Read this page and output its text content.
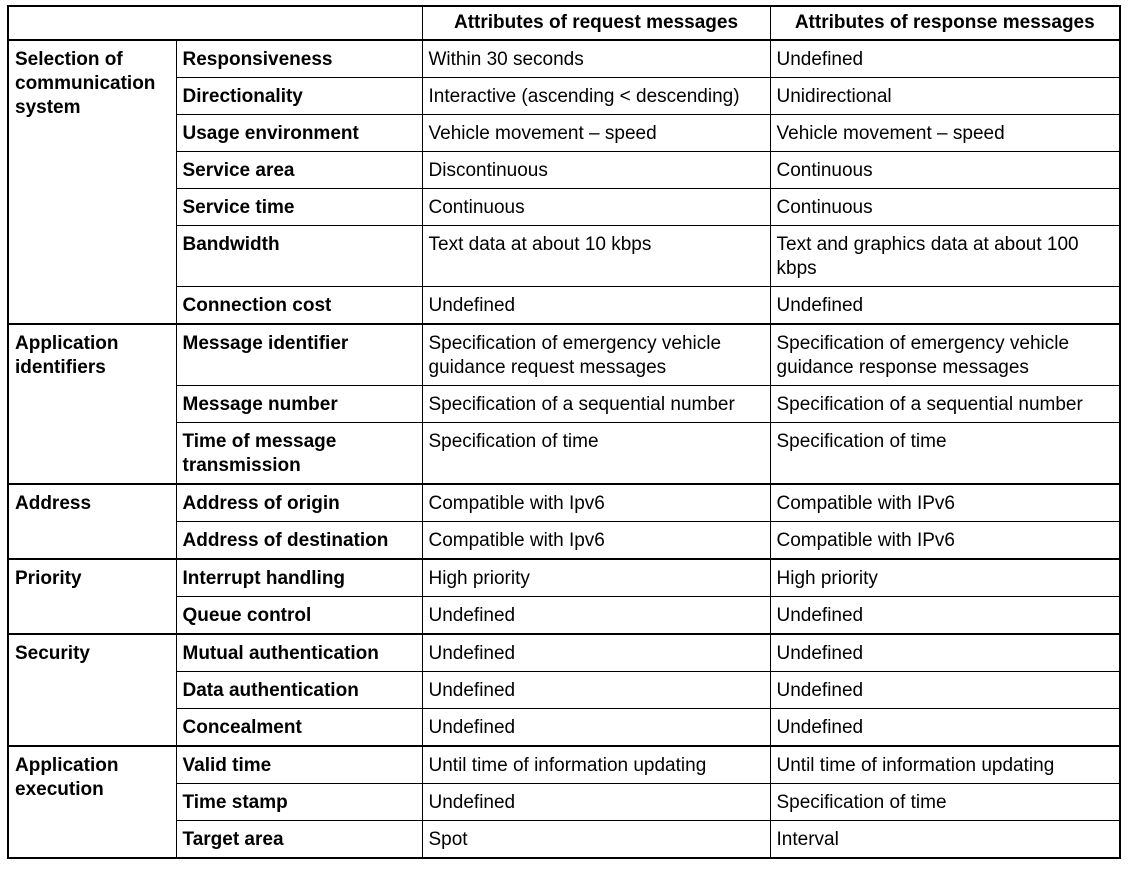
		Attributes of request messages	Attributes of response messages
Selection of communication system	Responsiveness	Within 30 seconds	Undefined
	Directionality	Interactive (ascending < descending)	Unidirectional
	Usage environment	Vehicle movement – speed	Vehicle movement – speed
	Service area	Discontinuous	Continuous
	Service time	Continuous	Continuous
	Bandwidth	Text data at about 10 kbps	Text and graphics data at about 100 kbps
	Connection cost	Undefined	Undefined
Application identifiers	Message identifier	Specification of emergency vehicle guidance request messages	Specification of emergency vehicle guidance response messages
	Message number	Specification of a sequential number	Specification of a sequential number
	Time of message transmission	Specification of time	Specification of time
Address	Address of origin	Compatible with Ipv6	Compatible with IPv6
	Address of destination	Compatible with Ipv6	Compatible with IPv6
Priority	Interrupt handling	High priority	High priority
	Queue control	Undefined	Undefined
Security	Mutual authentication	Undefined	Undefined
	Data authentication	Undefined	Undefined
	Concealment	Undefined	Undefined
Application execution	Valid time	Until time of information updating	Until time of information updating
	Time stamp	Undefined	Specification of time
	Target area	Spot	Interval
